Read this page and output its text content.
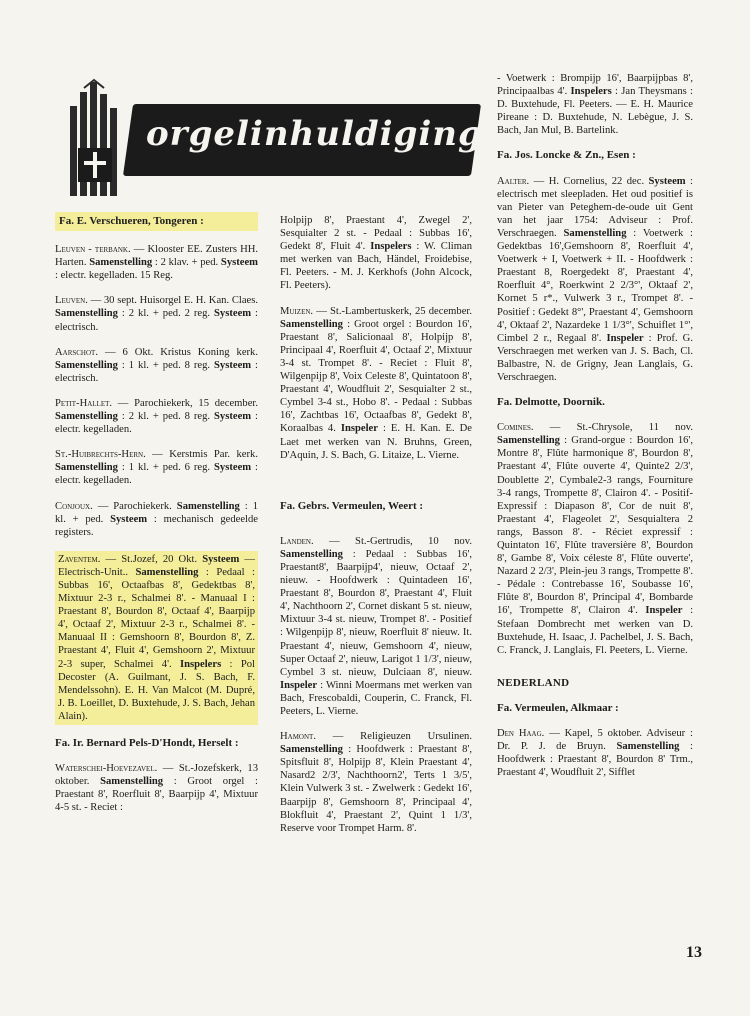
orgelinhuldigingen
Fa. E. Verschueren, Tongeren :
Leuven - terbank. — Klooster EE. Zusters HH. Harten. Samenstelling : 2 klav. + ped. Systeem : electr. kegelladen. 15 Reg.
Leuven. — 30 sept. Huisorgel E. H. Kan. Claes. Samenstelling : 2 kl. + ped. 2 reg. Systeem : electrisch.
Aarschot. — 6 Okt. Kristus Koning kerk. Samenstelling : 1 kl. + ped. 8 reg. Systeem : electrisch.
Petit-Hallet. — Parochiekerk, 15 december. Samenstelling : 2 kl. + ped. 8 reg. Systeem : electr. kegelladen.
St.-Huibrechts-Hern. — Kerstmis Par. kerk. Samenstelling : 1 kl. + ped. 6 reg. Systeem : electr. kegelladen.
Conjoux. — Parochiekerk. Samenstelling : 1 kl. + ped. Systeem : mechanisch gedeelde registers.
Zaventem. — St.Jozef, 20 Okt. Systeem — Electrisch-Unit.. Samenstelling : Pedaal : Subbas 16', Octaafbas 8', Gedektbas 8', Mixtuur 2-3 r., Schalmei 8'. - Manuaal I : Praestant 8', Bourdon 8', Octaaf 4', Baarpijp 4', Octaaf 2', Mixtuur 2-3 r., Schalmei 8'. - Manuaal II : Gemshoorn 8', Bourdon 8', Z. Praestant 4', Fluit 4', Gemshoorn 2', Mixtuur 2-3 super, Schalmei 4'. Inspelers : Pol Decoster (A. Guilmant, J. S. Bach, F. Mendelssohn). E. H. Van Malcot (M. Dupré, J. B. Loeillet, D. Buxtehude, J. S. Bach, Jehan Alain).
Fa. Ir. Bernard Pels-D'Hondt, Herselt :
Waterschei-Hoevezavel. — St.-Jozefskerk, 13 oktober. Samenstelling : Groot orgel : Praestant 8', Roerfluit 8', Baarpijp 4', Mixtuur 4-5 st. - Reciet :
Holpijp 8', Praestant 4', Zwegel 2', Sesquialter 2 st. - Pedaal : Subbas 16', Gedekt 8', Fluit 4'. Inspelers : W. Climan met werken van Bach, Händel, Froidebise, Fl. Peeters. - M. J. Kerkhofs (John Alcock, Fl. Peeters).
Muizen. — St.-Lambertuskerk, 25 december. Samenstelling : Groot orgel : Bourdon 16', Praestant 8', Salicionaal 8', Holpijp 8', Principaal 4', Roerfluit 4', Octaaf 2', Mixtuur 3-4 st. Trompet 8'. - Reciet : Fluit 8', Wilgenpijp 8', Voix Celeste 8', Quintatoon 8', Praestant 4', Woudfluit 2', Sesquialter 2 st., Cymbel 3-4 st., Hobo 8'. - Pedaal : Subbas 16', Zachtbas 16', Octaafbas 8', Gedekt 8', Koraalbas 4. Inspeler : E. H. Kan. E. De Laet met werken van N. Bruhns, Green, D'Aquin, J. S. Bach, G. Litaize, L. Vierne.
Fa. Gebrs. Vermeulen, Weert :
Landen. — St.-Gertrudis, 10 nov. Samenstelling : Pedaal : Subbas 16', Praestant8', Baarpijp4', nieuw, Octaaf 2', nieuw. - Hoofdwerk : Quintadeen 16', Praestant 8', Bourdon 8', Praestant 4', Fluit 4', Nachthoorn 2', Cornet diskant 5 st. nieuw, Mixtuur 3-4 st. nieuw, Trompet 8'. - Positief : Wilgenpijp 8', nieuw, Roerfluit 8' nieuw. It. Praestant 4', nieuw, Gemshoorn 4', nieuw, Super Octaaf 2', nieuw, Larigot 1 1/3', nieuw, Cymbel 3 st. nieuw, Dulciaan 8', nieuw. Inspeler : Winni Moermans met werken van Bach, Frescobaldi, Couperin, C. Franck, Fl. Peeters, L. Vierne.
Hamont. — Religieuzen Ursulinen. Samenstelling : Hoofdwerk : Praestant 8', Spitsfluit 8', Holpijp 8', Klein Praestant 4', Nasard2 2/3', Nachthoorn2', Terts 1 3/5', Klein Vulwerk 3 st. - Zwelwerk : Gedekt 16', Baarpijp 8', Gemshoorn 8', Principaal 4', Blokfluit 4', Praestant 2', Quint 1 1/3', Reserve voor Trompet Harm. 8'.
- Voetwerk : Brompijp 16', Baarpijpbas 8', Principaalbas 4'. Inspelers : Jan Theysmans : D. Buxtehude, Fl. Peeters. — E. H. Maurice Pireane : D. Buxtehude, N. Lebègue, J. S. Bach, Jan Mul, B. Bartelink.
Fa. Jos. Loncke & Zn., Esen :
Aalter. — H. Cornelius, 22 dec. Systeem : electrisch met sleepladen. Het oud positief is van Pieter van Peteghem-de-oude uit Gent van het jaar 1754: Adviseur : Prof. Verschraegen. Samenstelling : Voetwerk : Gedektbas 16',Gemshoorn 8', Roerfluit 4', Voetwerk + I, Voetwerk + II. - Hoofdwerk : Praestant 8, Roergedekt 8', Praestant 4', Roerfluit 4°, Roerkwint 2 2/3°', Oktaaf 2', Kornet 5 r*., Vulwerk 3 r., Trompet 8'. - Positief : Gedekt 8°', Praestant 4', Gemshoorn 4', Oktaaf 2', Nazardeke 1 1/3°', Schuiflet 1°', Cimbel 2 r., Regaal 8'. Inspeler : Prof. G. Verschraegen met werken van J. S. Bach, Cl. Balbastre, N. de Grigny, Jean Langlais, G. Verschraegen.
Fa. Delmotte, Doornik.
Comines. — St.-Chrysole, 11 nov. Samenstelling : Grand-orgue : Bourdon 16', Montre 8', Flûte harmonique 8', Bourdon 8', Praestant 4', Flûte ouverte 4', Quinte2 2/3', Doublette 2', Cymbale2-3 rangs, Fourniture 3-4 rangs, Trompette 8', Clairon 4'. - Positif-Expressif : Diapason 8', Cor de nuit 8', Praestant 4', Flageolet 2', Sesquialtera 2 rangs, Basson 8'. - Réciet expressif : Quintaton 16', Flûte traversière 8', Bourdon 8', Gambe 8', Voix céleste 8', Flûte ouverte', Nazard 2 2/3', Plein-jeu 3 rangs, Trompette 8'. - Pédale : Contrebasse 16', Soubasse 16', Flûte 8', Bourdon 8', Principal 4', Bombarde 16', Trompette 8', Clairon 4'. Inspeler : Stefaan Dombrecht met werken van D. Buxtehude, H. Isaac, J. Pachelbel, J. S. Bach, C. Franck, J. Langlais, Fl. Peeters, L. Vierne.
NEDERLAND
Fa. Vermeulen, Alkmaar :
Den Haag. — Kapel, 5 oktober. Adviseur : Dr. P. J. de Bruyn. Samenstelling : Hoofdwerk : Praestant 8', Bourdon 8' Trm., Praestant 4', Woudfluit 2', Sifflet
13
